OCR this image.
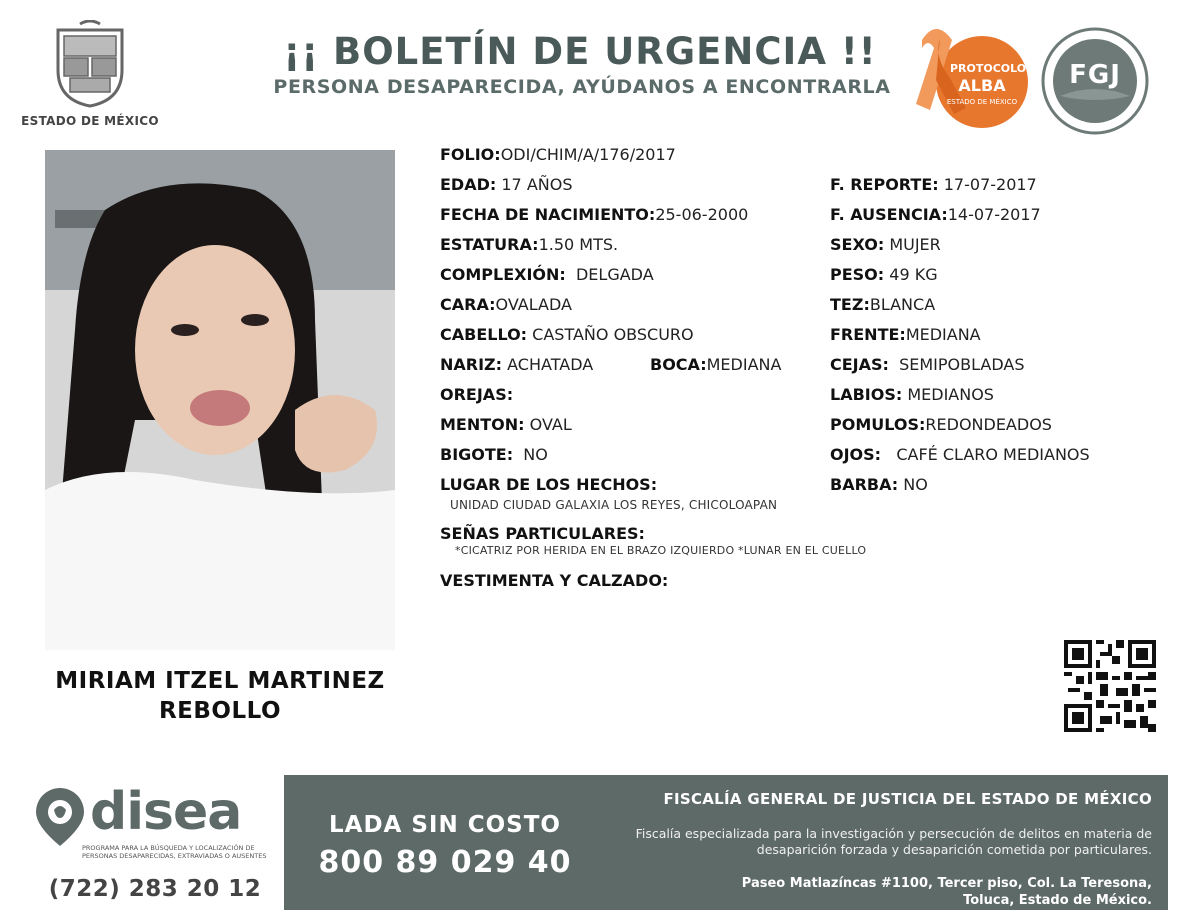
ESTADO DE MÉXICO
¡¡ BOLETÍN DE URGENCIA !!
PERSONA DESAPARECIDA, AYÚDANOS A ENCONTRARLA
PROTOCOLO
ALBA
ESTADO DE MÉXICO
FGJ
MIRIAM ITZEL MARTINEZ REBOLLO
FOLIO:ODI/CHIM/A/176/2017
EDAD: 17 AÑOS	F. REPORTE: 17-07-2017
FECHA DE NACIMIENTO:25-06-2000	F. AUSENCIA:14-07-2017
ESTATURA:1.50 MTS.	SEXO: MUJER
COMPLEXIÓN: DELGADA	PESO: 49 KG
CARA:OVALADA	TEZ:BLANCA
CABELLO: CASTAÑO OBSCURO	FRENTE:MEDIANA
NARIZ: ACHATADA	BOCA:MEDIANA	CEJAS: SEMIPOBLADAS
OREJAS:	LABIOS: MEDIANOS
MENTON: OVAL	POMULOS:REDONDEADOS
BIGOTE: NO	OJOS: CAFÉ CLARO MEDIANOS
LUGAR DE LOS HECHOS:	BARBA: NO
UNIDAD CIUDAD GALAXIA LOS REYES, CHICOLOAPAN
SEÑAS PARTICULARES:
*CICATRIZ POR HERIDA EN EL BRAZO IZQUIERDO *LUNAR EN EL CUELLO
VESTIMENTA Y CALZADO:
disea
PROGRAMA PARA LA BÚSQUEDA Y LOCALIZACIÓN DE PERSONAS DESAPARECIDAS, EXTRAVIADAS O AUSENTES
(722) 283 20 12
LADA SIN COSTO
800 89 029 40
FISCALÍA GENERAL DE JUSTICIA DEL ESTADO DE MÉXICO
Fiscalía especializada para la investigación y persecución de delitos en materia de desaparición forzada y desaparición cometida por particulares.
Paseo Matlazíncas #1100, Tercer piso, Col. La Teresona,
Toluca, Estado de México.
